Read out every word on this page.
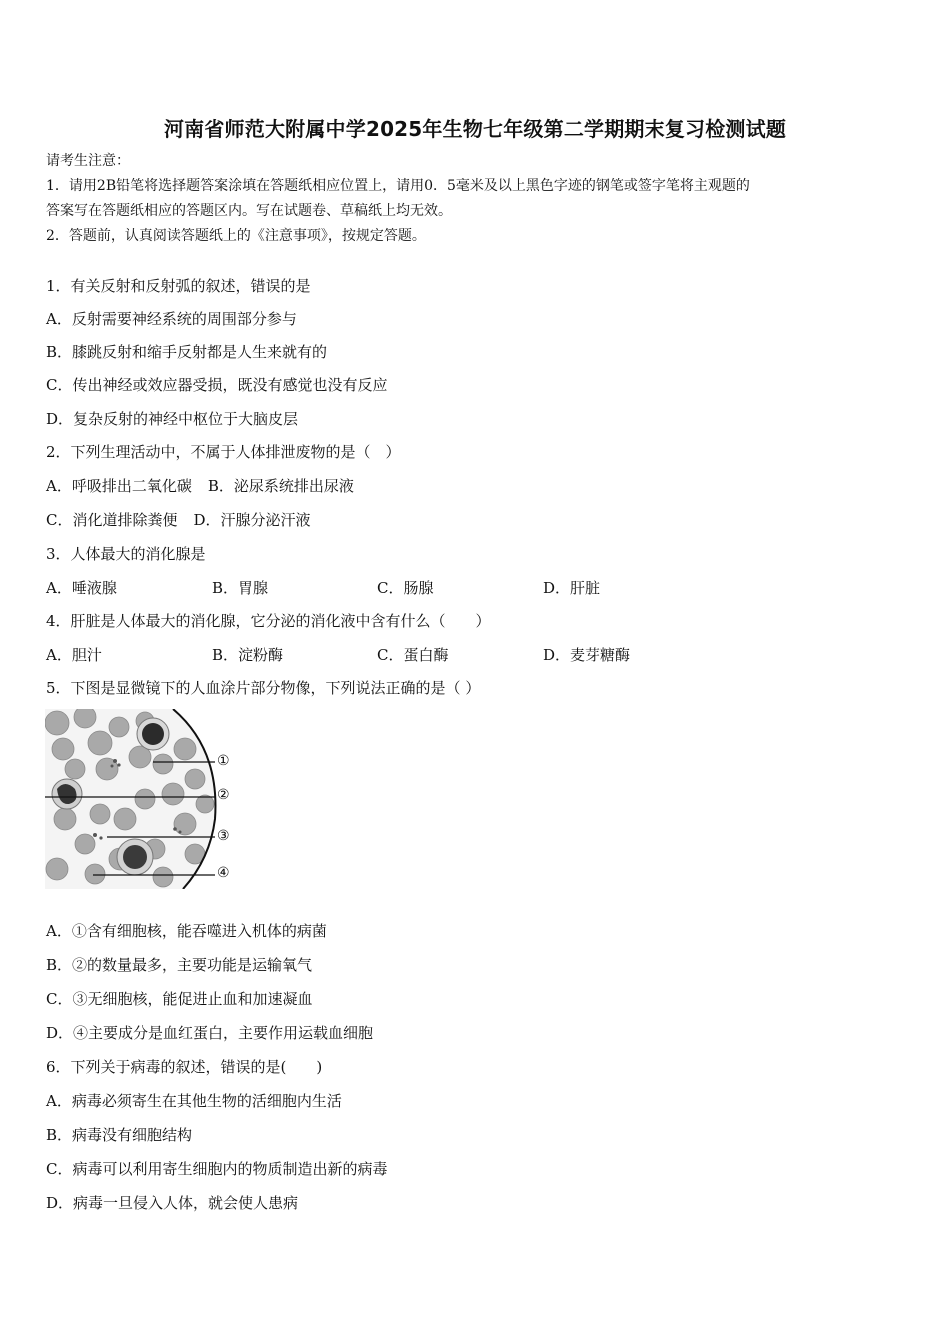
河南省师范大附属中学2025年生物七年级第二学期期末复习检测试题
请考生注意：
1．请用2B铅笔将选择题答案涂填在答题纸相应位置上，请用0．5毫米及以上黑色字迹的钢笔或签字笔将主观题的
答案写在答题纸相应的答题区内。写在试题卷、草稿纸上均无效。
2．答题前，认真阅读答题纸上的《注意事项》，按规定答题。
1．有关反射和反射弧的叙述，错误的是
A．反射需要神经系统的周围部分参与
B．膝跳反射和缩手反射都是人生来就有的
C．传出神经或效应器受损，既没有感觉也没有反应
D．复杂反射的神经中枢位于大脑皮层
2．下列生理活动中，不属于人体排泄废物的是（　）
A．呼吸排出二氧化碳 B．泌尿系统排出尿液
C．消化道排除粪便 D．汗腺分泌汗液
3．人体最大的消化腺是
A．唾液腺	B．胃腺	C．肠腺	D．肝脏
4．肝脏是人体最大的消化腺，它分泌的消化液中含有什么（　　）
A．胆汁	B．淀粉酶	C．蛋白酶	D．麦芽糖酶
5．下图是显微镜下的人血涂片部分物像，下列说法正确的是（ ）
①
②
③
④
A．①含有细胞核，能吞噬进入机体的病菌
B．②的数量最多，主要功能是运输氧气
C．③无细胞核，能促进止血和加速凝血
D．④主要成分是血红蛋白，主要作用运载血细胞
6．下列关于病毒的叙述，错误的是(　　)
A．病毒必须寄生在其他生物的活细胞内生活
B．病毒没有细胞结构
C．病毒可以利用寄生细胞内的物质制造出新的病毒
D．病毒一旦侵入人体，就会使人患病
